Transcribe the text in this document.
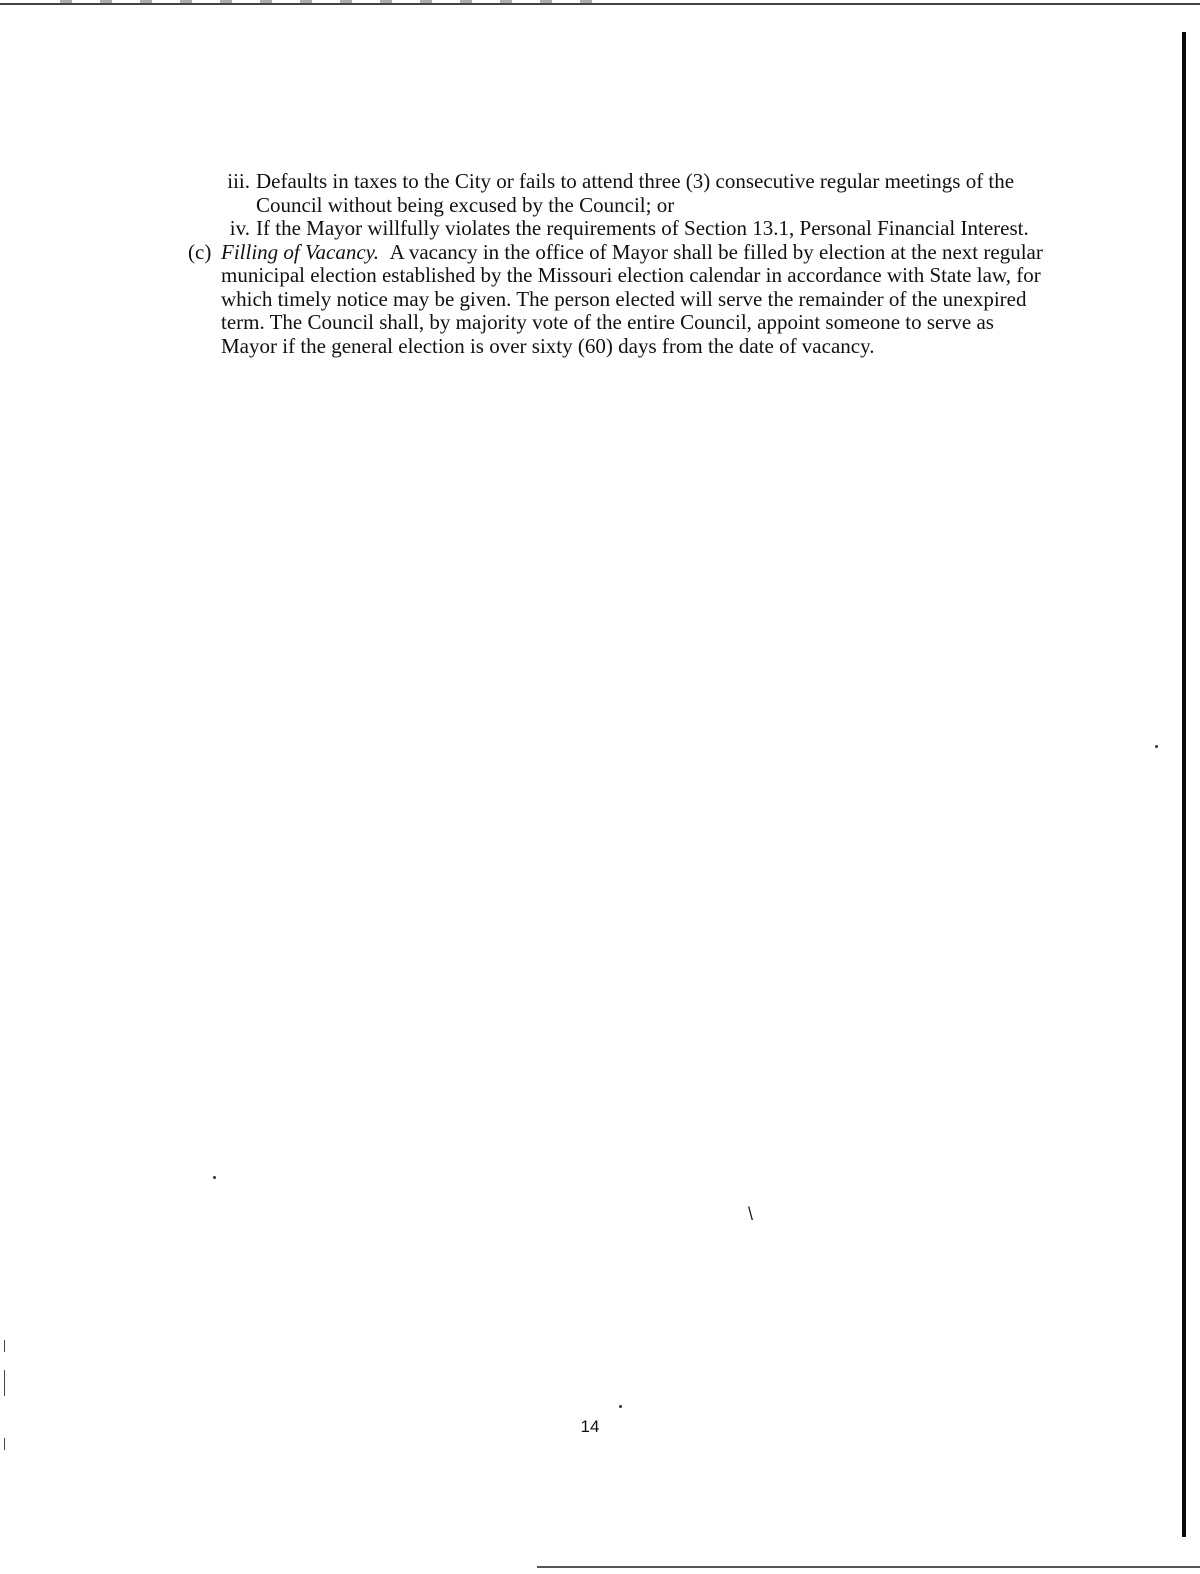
\
iii. Defaults in taxes to the City or fails to attend three (3) consecutive regular meetings of the Council without being excused by the Council; or
iv. If the Mayor willfully violates the requirements of Section 13.1, Personal Financial Interest.
(c) Filling of Vacancy. A vacancy in the office of Mayor shall be filled by election at the next regular municipal election established by the Missouri election calendar in accordance with State law, for which timely notice may be given. The person elected will serve the remainder of the unexpired term. The Council shall, by majority vote of the entire Council, appoint someone to serve as Mayor if the general election is over sixty (60) days from the date of vacancy.
14
